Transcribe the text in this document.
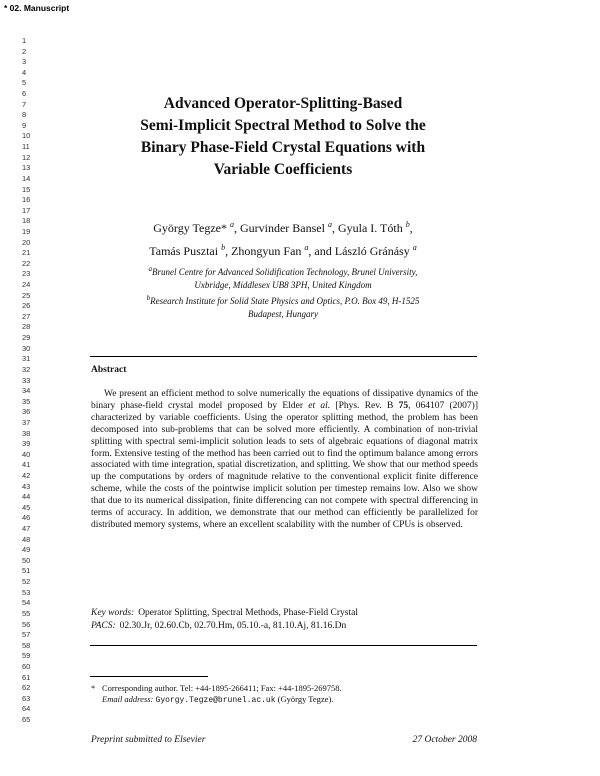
* 02. Manuscript
1
2
3
4
5
6
7
8
9
10
11
12
13
14
15
16
17
18
19
20
21
22
23
24
25
26
27
28
29
30
31
32
33
34
35
36
37
38
39
40
41
42
43
44
45
46
47
48
49
50
51
52
53
54
55
56
57
58
59
60
61
62
63
64
65
Advanced Operator-Splitting-Based
Semi-Implicit Spectral Method to Solve the
Binary Phase-Field Crystal Equations with
Variable Coefficients
György Tegze* $^a$, Gurvinder Bansel $^a$, Gyula I. Tóth $^b$,
Tamás Pusztai $^b$, Zhongyun Fan $^a$, and László Gránásy $^a$
$^a$Brunel Centre for Advanced Solidification Technology, Brunel University,
Uxbridge, Middlesex UB8 3PH, United Kingdom
$^b$Research Institute for Solid State Physics and Optics, P.O. Box 49, H-1525
Budapest, Hungary
Abstract
We present an efficient method to solve numerically the equations of dissipative dynamics of the binary phase-field crystal model proposed by Elder et al. [Phys. Rev. B 75, 064107 (2007)] characterized by variable coefficients. Using the operator splitting method, the problem has been decomposed into sub-problems that can be solved more efficiently. A combination of non-trivial splitting with spectral semi-implicit solution leads to sets of algebraic equations of diagonal matrix form. Extensive testing of the method has been carried out to find the optimum balance among errors associated with time integration, spatial discretization, and splitting. We show that our method speeds up the computations by orders of magnitude relative to the conventional explicit finite difference scheme, while the costs of the pointwise implicit solution per timestep remains low. Also we show that due to its numerical dissipation, finite differencing can not compete with spectral differencing in terms of accuracy. In addition, we demonstrate that our method can efficiently be parallelized for distributed memory systems, where an excellent scalability with the number of CPUs is observed.
Key words: Operator Splitting, Spectral Methods, Phase-Field Crystal
PACS: 02.30.Jr, 02.60.Cb, 02.70.Hm, 05.10.-a, 81.10.Aj, 81.16.Dn
* Corresponding author. Tel: +44-1895-266411; Fax: +44-1895-269758.
Email address: Gyorgy.Tegze@brunel.ac.uk (György Tegze).
Preprint submitted to Elsevier	27 October 2008
